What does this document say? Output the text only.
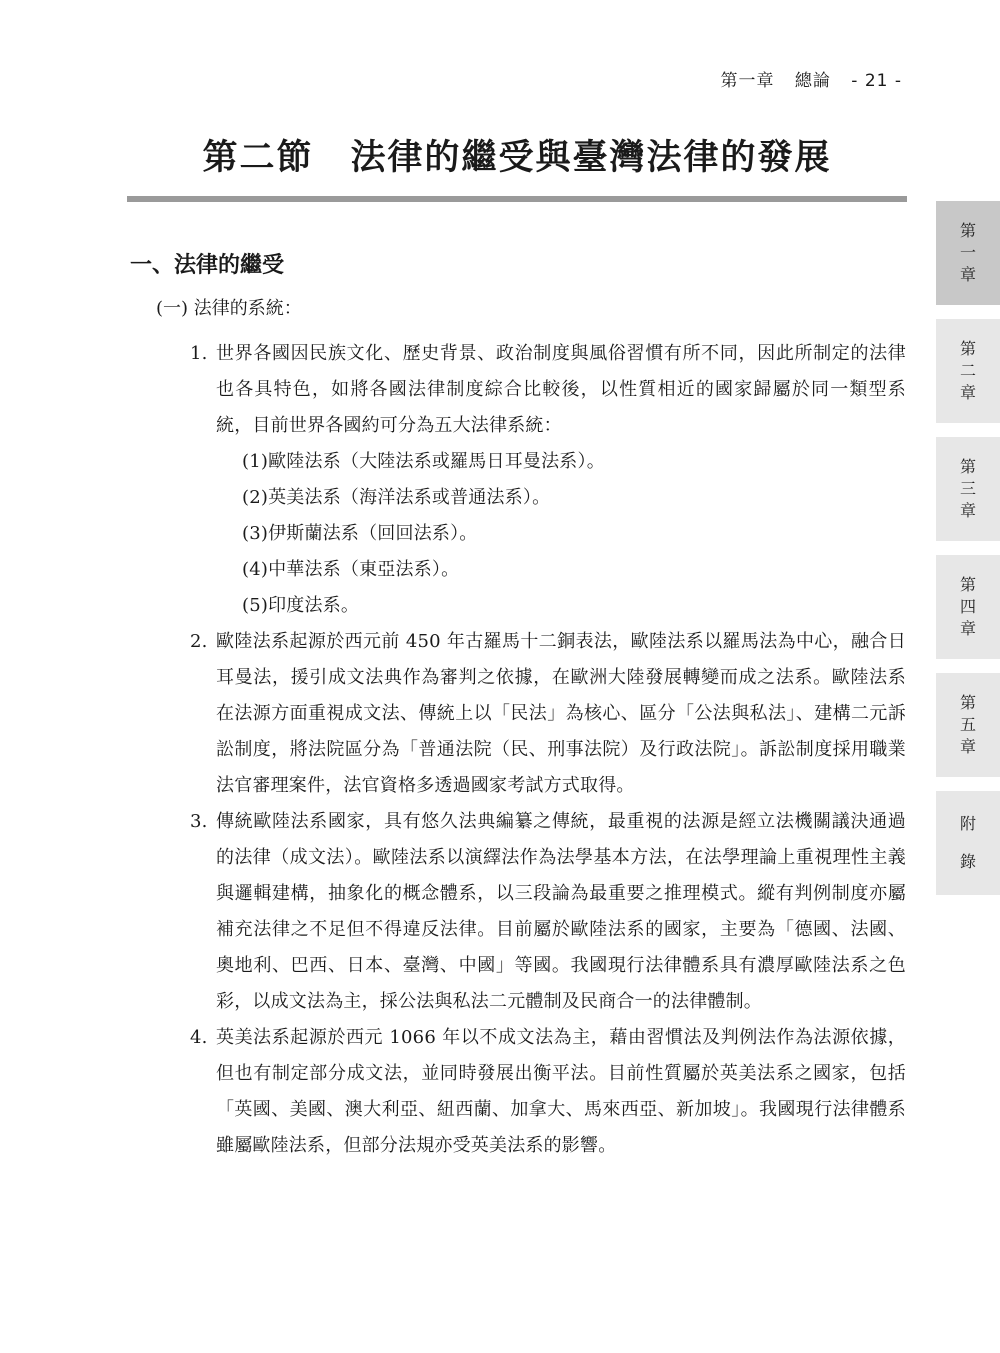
第一章 總論 - 21 -
第二節　法律的繼受與臺灣法律的發展
一、法律的繼受
(一) 法律的系統：
1. 世界各國因民族文化、歷史背景、政治制度與風俗習慣有所不同，因此所制定的法律也各具特色，如將各國法律制度綜合比較後，以性質相近的國家歸屬於同一類型系統，目前世界各國約可分為五大法律系統：
(1)歐陸法系（大陸法系或羅馬日耳曼法系）。
(2)英美法系（海洋法系或普通法系）。
(3)伊斯蘭法系（回回法系）。
(4)中華法系（東亞法系）。
(5)印度法系。
2. 歐陸法系起源於西元前 450 年古羅馬十二銅表法，歐陸法系以羅馬法為中心，融合日耳曼法，援引成文法典作為審判之依據，在歐洲大陸發展轉變而成之法系。歐陸法系在法源方面重視成文法、傳統上以「民法」為核心、區分「公法與私法」、建構二元訴訟制度，將法院區分為「普通法院（民、刑事法院）及行政法院」。訴訟制度採用職業法官審理案件，法官資格多透過國家考試方式取得。
3. 傳統歐陸法系國家，具有悠久法典編纂之傳統，最重視的法源是經立法機關議決通過的法律（成文法）。歐陸法系以演繹法作為法學基本方法，在法學理論上重視理性主義與邏輯建構，抽象化的概念體系，以三段論為最重要之推理模式。縱有判例制度亦屬補充法律之不足但不得違反法律。目前屬於歐陸法系的國家，主要為「德國、法國、奧地利、巴西、日本、臺灣、中國」等國。我國現行法律體系具有濃厚歐陸法系之色彩，以成文法為主，採公法與私法二元體制及民商合一的法律體制。
4. 英美法系起源於西元 1066 年以不成文法為主，藉由習慣法及判例法作為法源依據，但也有制定部分成文法，並同時發展出衡平法。目前性質屬於英美法系之國家，包括「英國、美國、澳大利亞、紐西蘭、加拿大、馬來西亞、新加坡」。我國現行法律體系雖屬歐陸法系，但部分法規亦受英美法系的影響。
第一章
第二章
第三章
第四章
第五章
附錄
